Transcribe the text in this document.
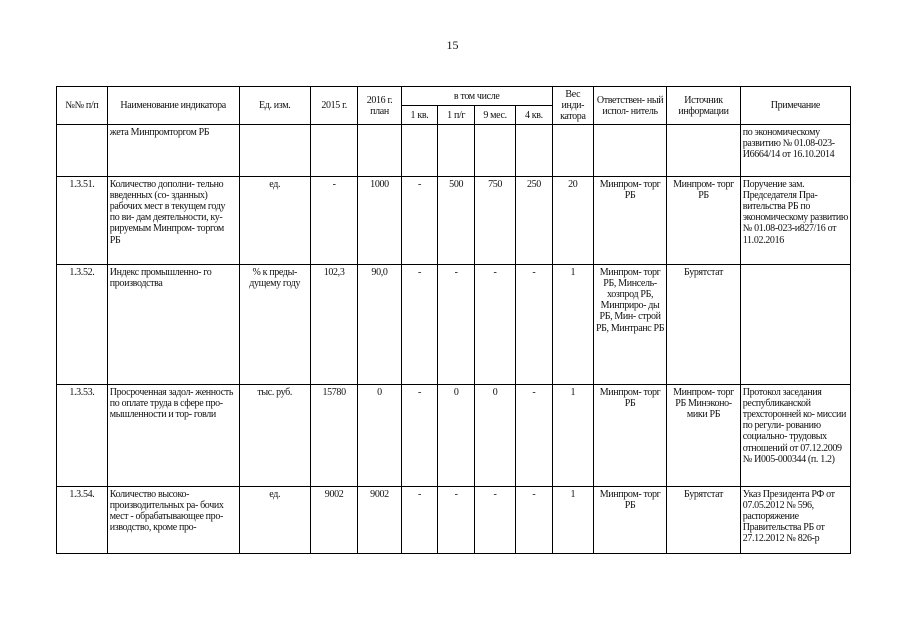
15
№№ п/п	Наименование индикатора	Ед. изм.	2015 г.	2016 г. план	в том числе				Вес инди- катора	Ответствен- ный испол- нитель	Источник информации	Примечание
					1 кв.	1 п/г	9 мес.	4 кв.				
	жета Минпромторгом РБ											по экономическому развитию № 01.08-023-И6664/14 от 16.10.2014
1.3.51.	Количество дополни- тельно введенных (со- зданных) рабочих мест в текущем году по ви- дам деятельности, ку- рируемым Минпром- торгом РБ	ед.	-	1000	-	500	750	250	20	Минпром- торг РБ	Минпром- торг РБ	Поручение зам. Председателя Пра- вительства РБ по экономическому развитию № 01.08-023-и827/16 от 11.02.2016
1.3.52.	Индекс промышленно- го производства	% к преды- дущему году	102,3	90,0	-	-	-	-	1	Минпром- торг РБ, Минсель- хозпрод РБ, Минприро- ды РБ, Мин- строй РБ, Минтранс РБ	Бурятстат	
1.3.53.	Просроченная задол- женность по оплате труда в сфере про- мышленности и тор- говли	тыс. руб.	15780	0	-	0	0	-	1	Минпром- торг РБ	Минпром- торг РБ Минэконо- мики РБ	Протокол заседания республиканской трехсторонней ко- миссии по регули- рованию социально- трудовых отношений от 07.12.2009 № И005-000344 (п. 1.2)
1.3.54.	Количество высоко- производительных ра- бочих мест - обрабатывающее про- изводство, кроме про-	ед.	9002	9002	-	-	-	-	1	Минпром- торг РБ	Бурятстат	Указ Президента РФ от 07.05.2012 № 596, распоряжение Правительства РБ от 27.12.2012 № 826-р
